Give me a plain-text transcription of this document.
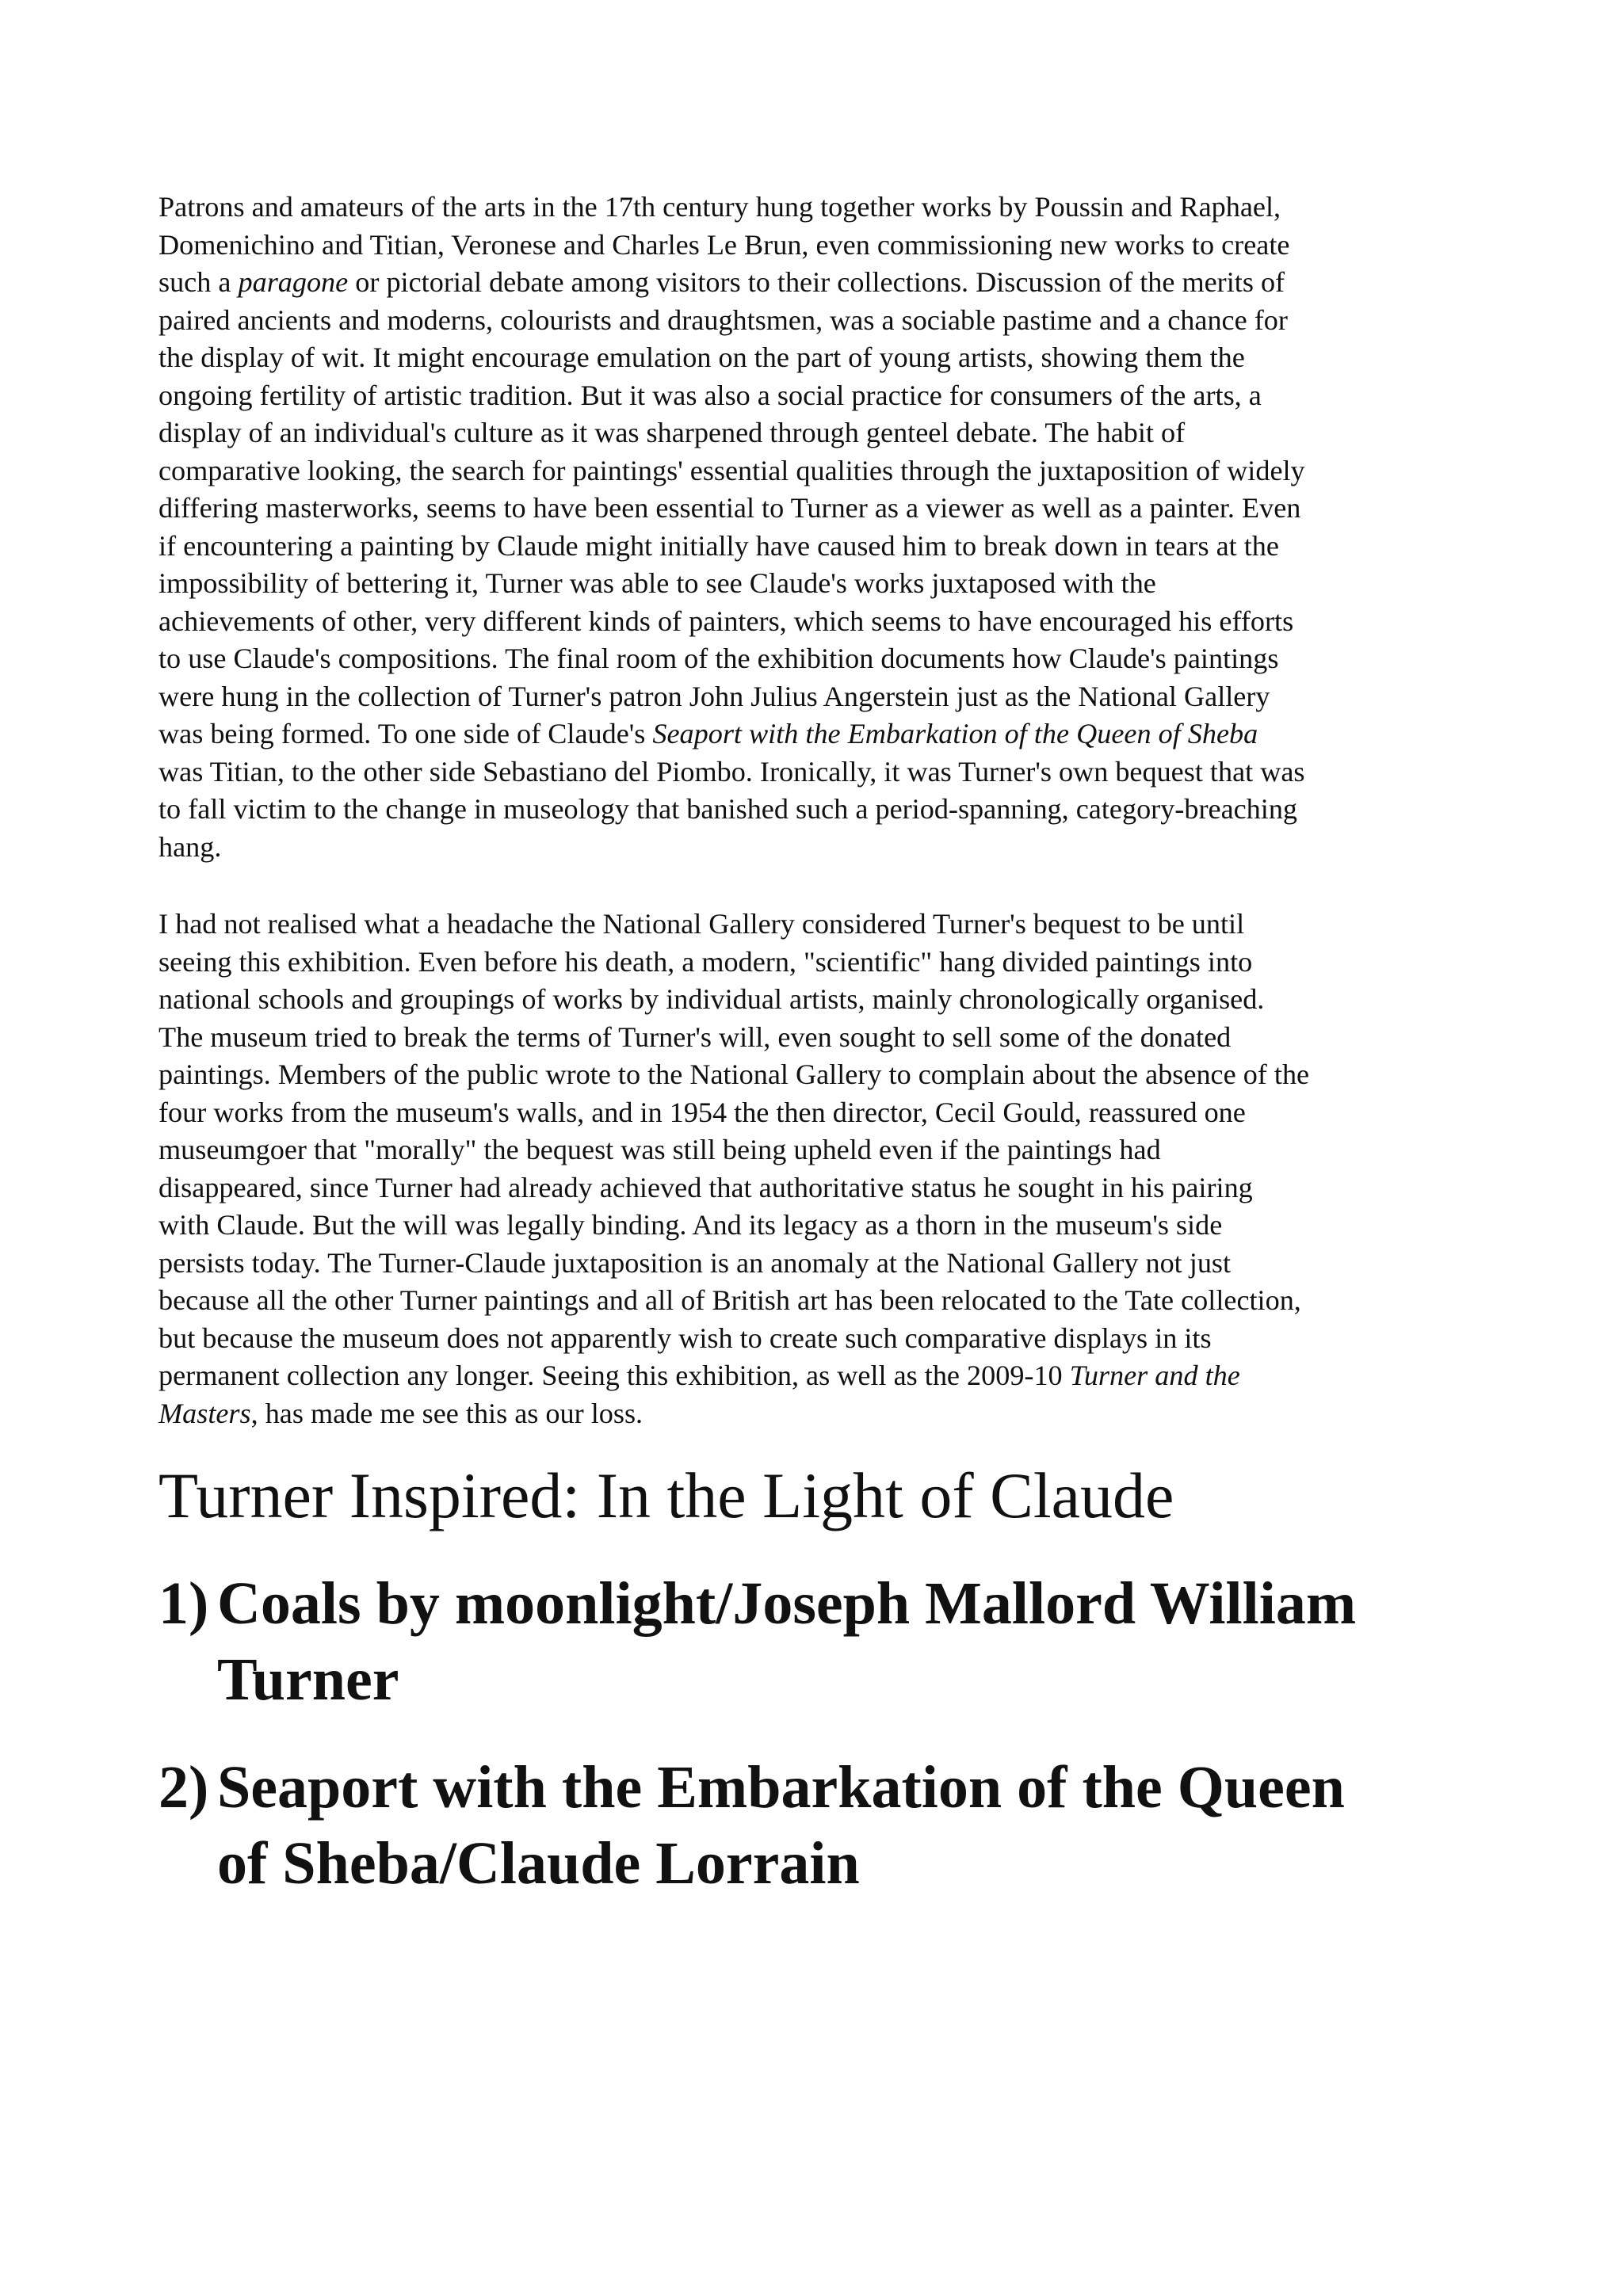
Patrons and amateurs of the arts in the 17th century hung together works by Poussin and Raphael,
Domenichino and Titian, Veronese and Charles Le Brun, even commissioning new works to create
such a paragone or pictorial debate among visitors to their collections. Discussion of the merits of
paired ancients and moderns, colourists and draughtsmen, was a sociable pastime and a chance for
the display of wit. It might encourage emulation on the part of young artists, showing them the
ongoing fertility of artistic tradition. But it was also a social practice for consumers of the arts, a
display of an individual's culture as it was sharpened through genteel debate. The habit of
comparative looking, the search for paintings' essential qualities through the juxtaposition of widely
differing masterworks, seems to have been essential to Turner as a viewer as well as a painter. Even
if encountering a painting by Claude might initially have caused him to break down in tears at the
impossibility of bettering it, Turner was able to see Claude's works juxtaposed with the
achievements of other, very different kinds of painters, which seems to have encouraged his efforts
to use Claude's compositions. The final room of the exhibition documents how Claude's paintings
were hung in the collection of Turner's patron John Julius Angerstein just as the National Gallery
was being formed. To one side of Claude's Seaport with the Embarkation of the Queen of Sheba
was Titian, to the other side Sebastiano del Piombo. Ironically, it was Turner's own bequest that was
to fall victim to the change in museology that banished such a period-spanning, category-breaching
hang.

I had not realised what a headache the National Gallery considered Turner's bequest to be until
seeing this exhibition. Even before his death, a modern, "scientific" hang divided paintings into
national schools and groupings of works by individual artists, mainly chronologically organised.
The museum tried to break the terms of Turner's will, even sought to sell some of the donated
paintings. Members of the public wrote to the National Gallery to complain about the absence of the
four works from the museum's walls, and in 1954 the then director, Cecil Gould, reassured one
museumgoer that "morally" the bequest was still being upheld even if the paintings had
disappeared, since Turner had already achieved that authoritative status he sought in his pairing
with Claude. But the will was legally binding. And its legacy as a thorn in the museum's side
persists today. The Turner-Claude juxtaposition is an anomaly at the National Gallery not just
because all the other Turner paintings and all of British art has been relocated to the Tate collection,
but because the museum does not apparently wish to create such comparative displays in its
permanent collection any longer. Seeing this exhibition, as well as the 2009-10 Turner and the
Masters, has made me see this as our loss.

Turner Inspired: In the Light of Claude
1) Coals by moonlight/Joseph Mallord William
Turner
2) Seaport with the Embarkation of the Queen
of Sheba/Claude Lorrain
